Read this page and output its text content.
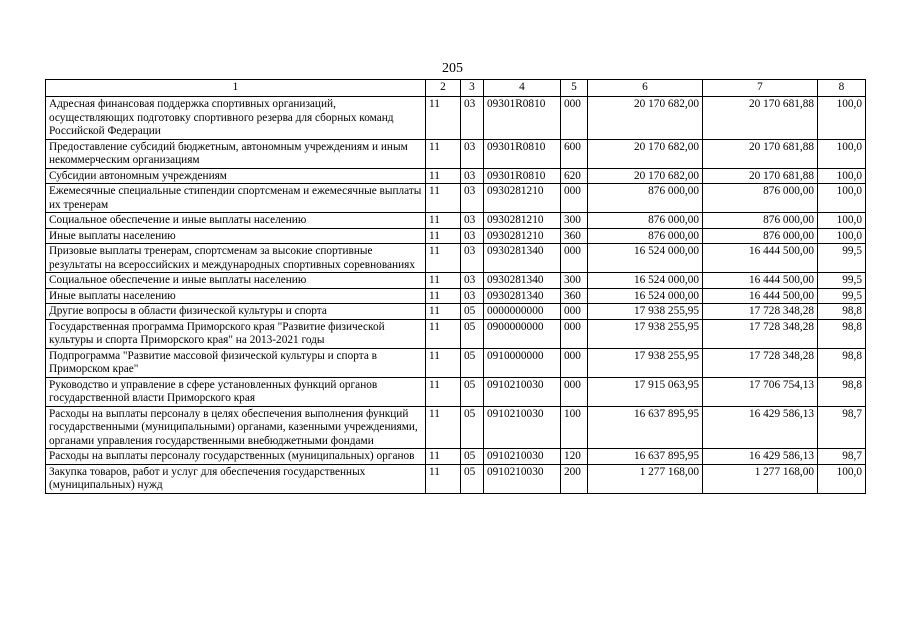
205
1	2	3	4	5	6	7	8
Адресная финансовая поддержка спортивных организаций, осуществляющих подготовку спортивного резерва для сборных команд Российской Федерации	11	03	09301R0810	000	20 170 682,00	20 170 681,88	100,0
Предоставление субсидий бюджетным, автономным учреждениям и иным некоммерческим организациям	11	03	09301R0810	600	20 170 682,00	20 170 681,88	100,0
Субсидии автономным учреждениям	11	03	09301R0810	620	20 170 682,00	20 170 681,88	100,0
Ежемесячные специальные стипендии спортсменам и ежемесячные выплаты их тренерам	11	03	0930281210	000	876 000,00	876 000,00	100,0
Социальное обеспечение и иные выплаты населению	11	03	0930281210	300	876 000,00	876 000,00	100,0
Иные выплаты населению	11	03	0930281210	360	876 000,00	876 000,00	100,0
Призовые выплаты тренерам, спортсменам за высокие спортивные результаты на всероссийских и международных спортивных соревнованиях	11	03	0930281340	000	16 524 000,00	16 444 500,00	99,5
Социальное обеспечение и иные выплаты населению	11	03	0930281340	300	16 524 000,00	16 444 500,00	99,5
Иные выплаты населению	11	03	0930281340	360	16 524 000,00	16 444 500,00	99,5
Другие вопросы в области физической культуры и спорта	11	05	0000000000	000	17 938 255,95	17 728 348,28	98,8
Государственная программа Приморского края "Развитие физической культуры и спорта Приморского края" на 2013-2021 годы	11	05	0900000000	000	17 938 255,95	17 728 348,28	98,8
Подпрограмма "Развитие массовой физической культуры и спорта в Приморском крае"	11	05	0910000000	000	17 938 255,95	17 728 348,28	98,8
Руководство и управление в сфере установленных функций органов государственной власти Приморского края	11	05	0910210030	000	17 915 063,95	17 706 754,13	98,8
Расходы на выплаты персоналу в целях обеспечения выполнения функций государственными (муниципальными) органами, казенными учреждениями, органами управления государственными внебюджетными фондами	11	05	0910210030	100	16 637 895,95	16 429 586,13	98,7
Расходы на выплаты персоналу государственных (муниципальных) органов	11	05	0910210030	120	16 637 895,95	16 429 586,13	98,7
Закупка товаров, работ и услуг для обеспечения государственных (муниципальных) нужд	11	05	0910210030	200	1 277 168,00	1 277 168,00	100,0
